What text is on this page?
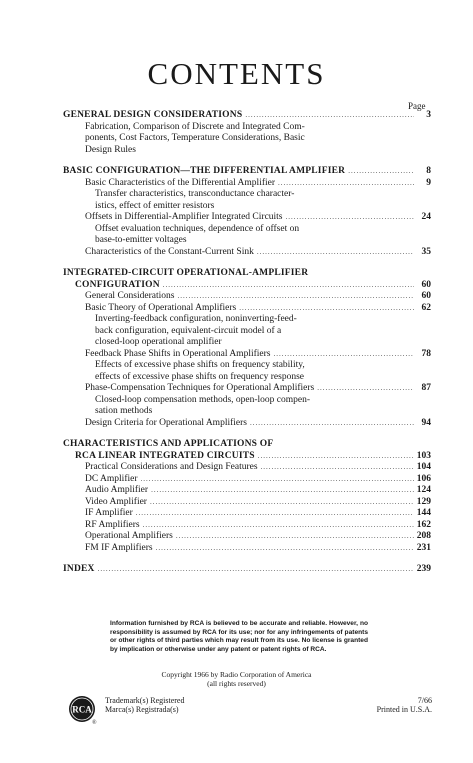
CONTENTS
Page
GENERAL DESIGN CONSIDERATIONS .....	3
Fabrication, Comparison of Discrete and Integrated Com-
ponents, Cost Factors, Temperature Considerations, Basic
Design Rules
BASIC CONFIGURATION—THE DIFFERENTIAL AMPLIFIER .....	8
Basic Characteristics of the Differential Amplifier .....	9
Transfer characteristics, transconductance character-
istics, effect of emitter resistors
Offsets in Differential-Amplifier Integrated Circuits .....	24
Offset evaluation techniques, dependence of offset on
base-to-emitter voltages
Characteristics of the Constant-Current Sink .....	35
INTEGRATED-CIRCUIT OPERATIONAL-AMPLIFIER
CONFIGURATION .....	60
General Considerations .....	60
Basic Theory of Operational Amplifiers .....	62
Inverting-feedback configuration, noninverting-feed-
back configuration, equivalent-circuit model of a
closed-loop operational amplifier
Feedback Phase Shifts in Operational Amplifiers .....	78
Effects of excessive phase shifts on frequency stability,
effects of excessive phase shifts on frequency response
Phase-Compensation Techniques for Operational Amplifiers .....	87
Closed-loop compensation methods, open-loop compen-
sation methods
Design Criteria for Operational Amplifiers .....	94
CHARACTERISTICS AND APPLICATIONS OF
RCA LINEAR INTEGRATED CIRCUITS .....	103
Practical Considerations and Design Features .....	104
DC Amplifier .....	106
Audio Amplifier .....	124
Video Amplifier .....	129
IF Amplifier .....	144
RF Amplifiers .....	162
Operational Amplifiers .....	208
FM IF Amplifiers .....	231
INDEX .....	239
Information furnished by RCA is believed to be accurate and reliable. However, no responsibility is assumed by RCA for its use; nor for any infringements of patents or other rights of third parties which may result from its use. No license is granted by implication or otherwise under any patent or patent rights of RCA.
Copyright 1966 by Radio Corporation of America
(all rights reserved)
RCA
®
Trademark(s) Registered
Marca(s) Registrada(s)
7/66
Printed in U.S.A.
